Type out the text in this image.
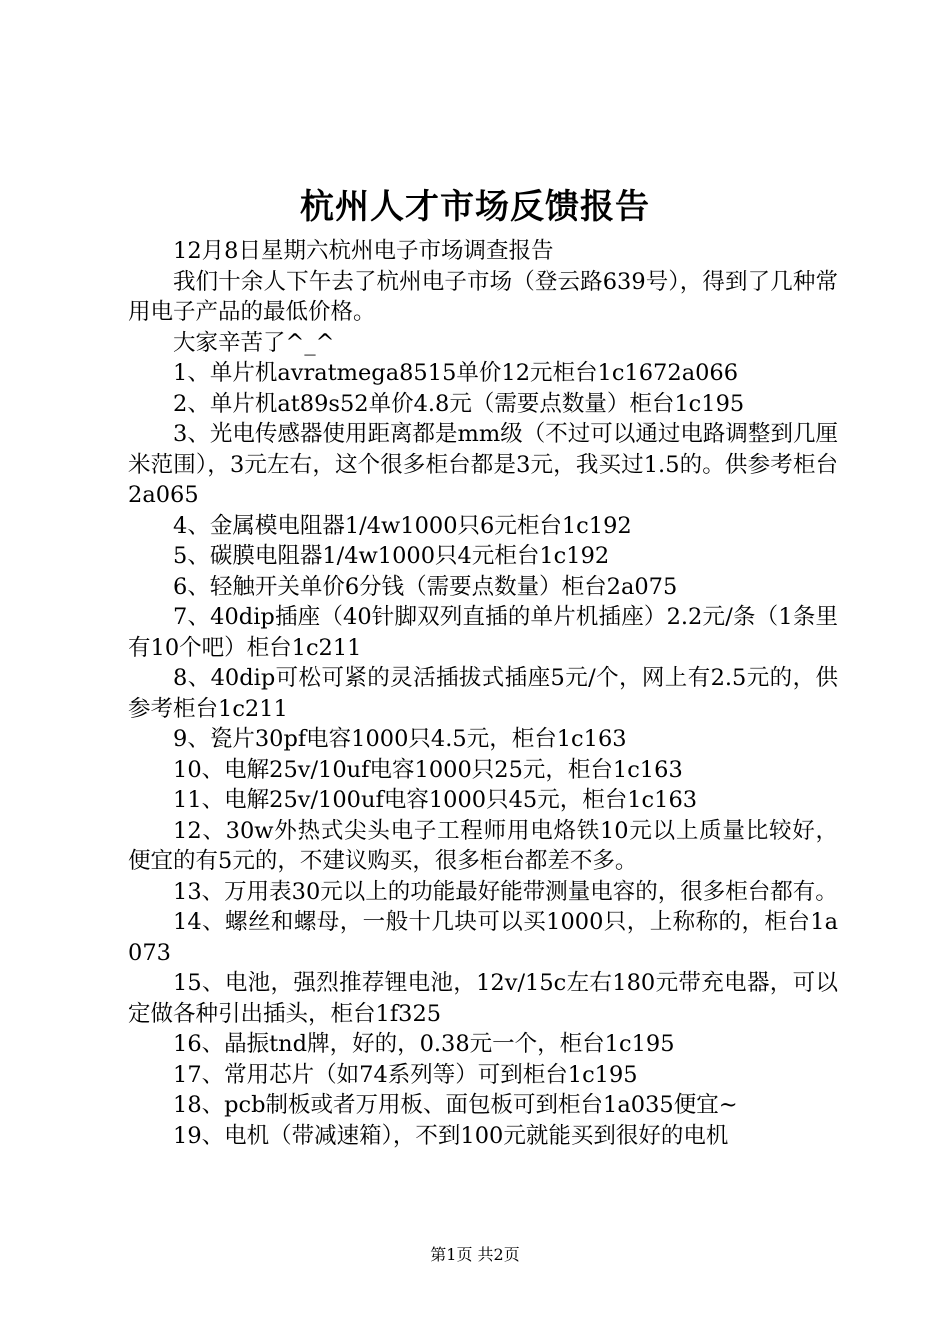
杭州人才市场反馈报告

12月8日星期六杭州电子市场调查报告

我们十余人下午去了杭州电子市场（登云路639号），得到了几种常用电子产品的最低价格。

大家辛苦了^_^

1、单片机avratmega8515单价12元柜台1c1672a066

2、单片机at89s52单价4.8元（需要点数量）柜台1c195

3、光电传感器使用距离都是mm级（不过可以通过电路调整到几厘米范围），3元左右，这个很多柜台都是3元，我买过1.5的。供参考柜台2a065

4、金属模电阻器1/4w1000只6元柜台1c192

5、碳膜电阻器1/4w1000只4元柜台1c192

6、轻触开关单价6分钱（需要点数量）柜台2a075

7、40dip插座（40针脚双列直插的单片机插座）2.2元/条（1条里有10个吧）柜台1c211

8、40dip可松可紧的灵活插拔式插座5元/个，网上有2.5元的，供参考柜台1c211

9、瓷片30pf电容1000只4.5元，柜台1c163

10、电解25v/10uf电容1000只25元，柜台1c163

11、电解25v/100uf电容1000只45元，柜台1c163

12、30w外热式尖头电子工程师用电烙铁10元以上质量比较好，便宜的有5元的，不建议购买，很多柜台都差不多。

13、万用表30元以上的功能最好能带测量电容的，很多柜台都有。

14、螺丝和螺母，一般十几块可以买1000只，上称称的，柜台1a073

15、电池，强烈推荐锂电池，12v/15c左右180元带充电器，可以定做各种引出插头，柜台1f325

16、晶振tnd牌，好的，0.38元一个，柜台1c195

17、常用芯片（如74系列等）可到柜台1c195

18、pcb制板或者万用板、面包板可到柜台1a035便宜~

19、电机（带减速箱），不到100元就能买到很好的电机

第1页 共2页
